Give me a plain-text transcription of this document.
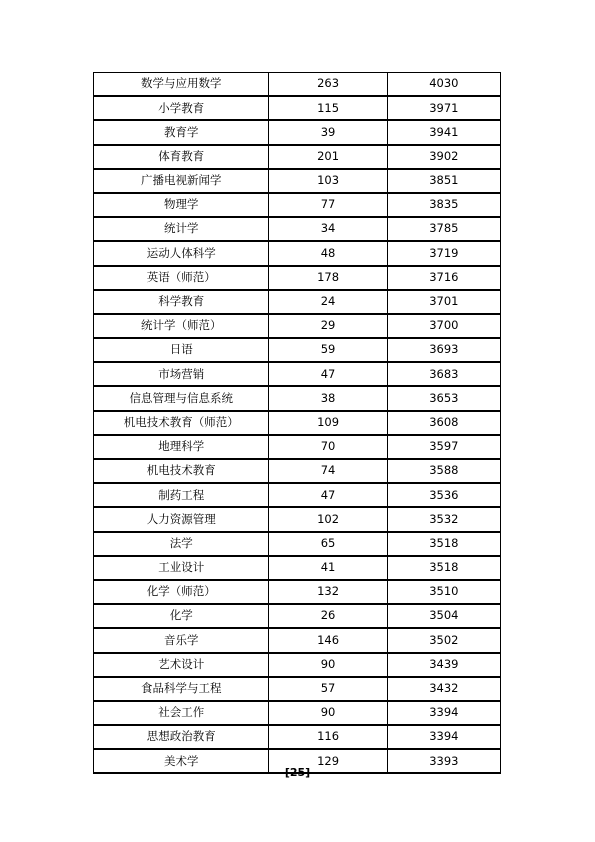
数学与应用数学	263	4030
小学教育	115	3971
教育学	39	3941
体育教育	201	3902
广播电视新闻学	103	3851
物理学	77	3835
统计学	34	3785
运动人体科学	48	3719
英语（师范）	178	3716
科学教育	24	3701
统计学（师范）	29	3700
日语	59	3693
市场营销	47	3683
信息管理与信息系统	38	3653
机电技术教育（师范）	109	3608
地理科学	70	3597
机电技术教育	74	3588
制药工程	47	3536
人力资源管理	102	3532
法学	65	3518
工业设计	41	3518
化学（师范）	132	3510
化学	26	3504
音乐学	146	3502
艺术设计	90	3439
食品科学与工程	57	3432
社会工作	90	3394
思想政治教育	116	3394
美术学	129	3393
[25]
